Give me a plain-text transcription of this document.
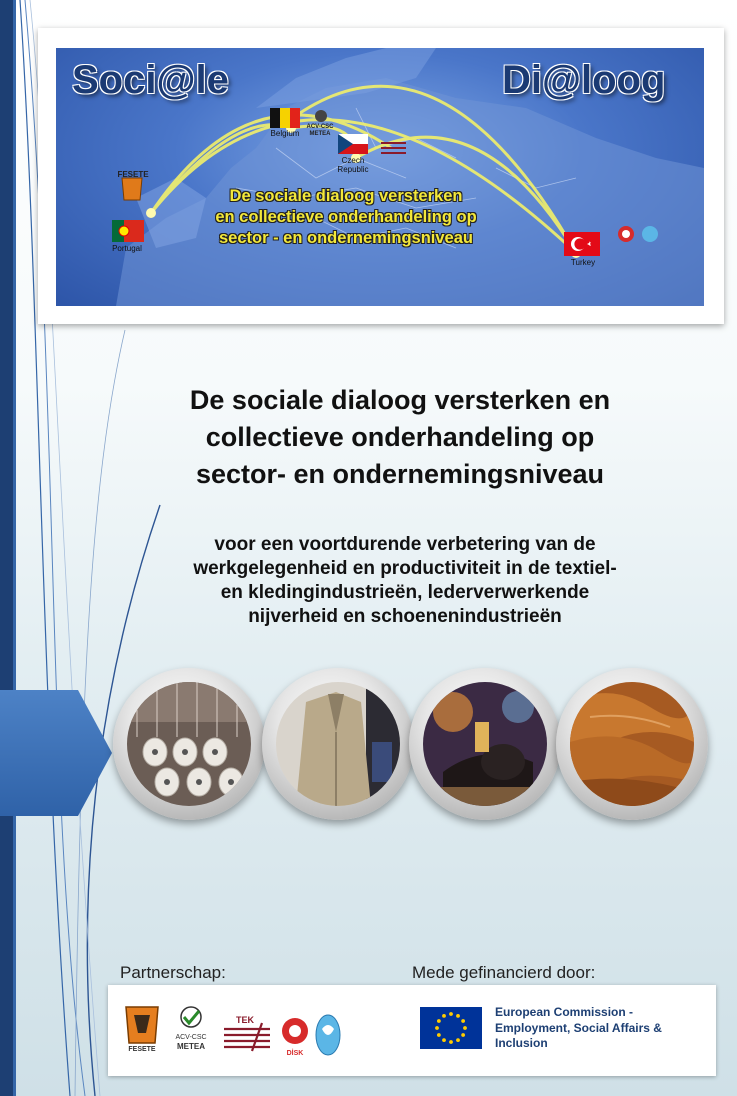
Soci@le	Di@loog
Belgium
Czech Republic
Portugal
Turkey
FESETE
ACV-CSC METEA
De sociale dialoog versterken
en collectieve onderhandeling op
sector - en ondernemingsniveau
De sociale dialoog versterken en
collectieve onderhandeling op
sector- en ondernemingsniveau
voor een voortdurende verbetering van de
werkgelegenheid en productiviteit in de textiel-
en kledingindustrieën, lederverwerkende
nijverheid en schoenenindustrieën
Partnerschap:	Mede gefinancierd door:
FESETE
ACV-CSC
METEA
TEK
DİSK
European Commission -
Employment, Social Affairs &
Inclusion
